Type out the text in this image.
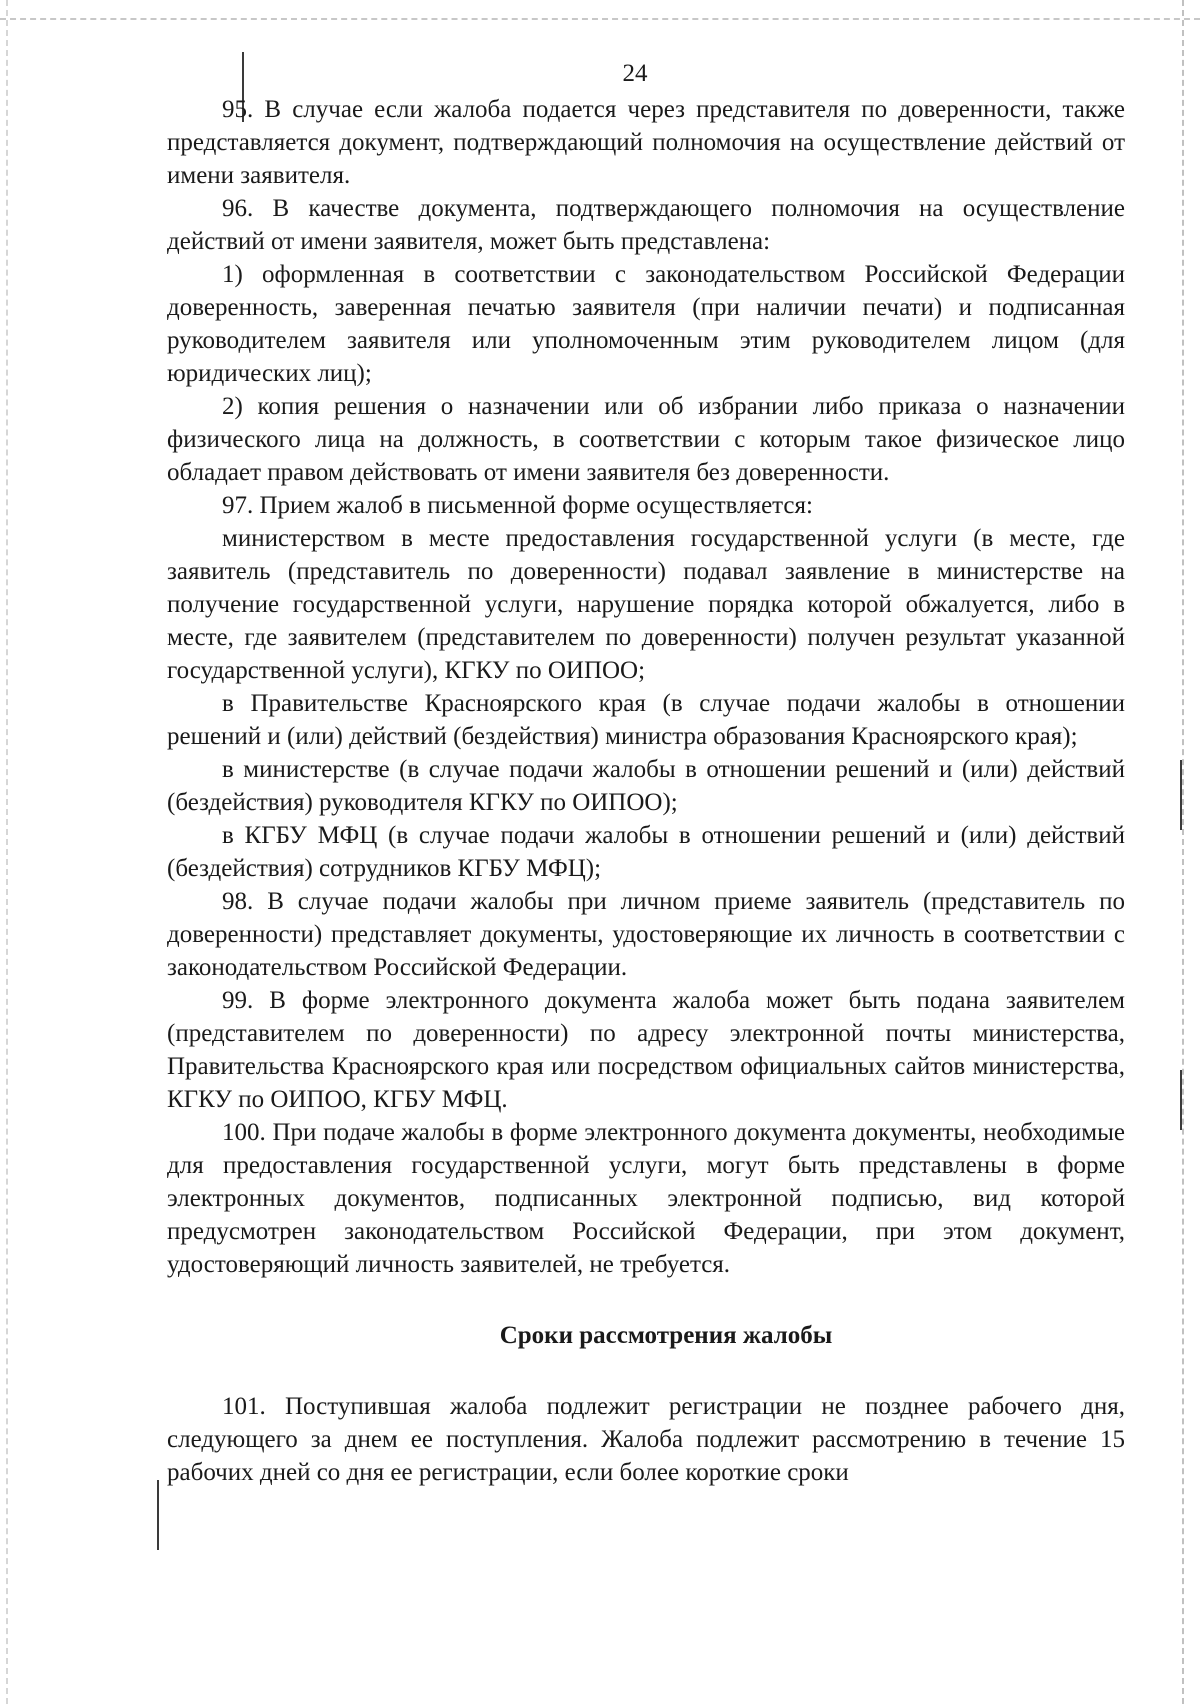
24

95. В случае если жалоба подается через представителя по доверенности, также представляется документ, подтверждающий полномочия на осуществление действий от имени заявителя.

96. В качестве документа, подтверждающего полномочия на осуществление действий от имени заявителя, может быть представлена:

1) оформленная в соответствии с законодательством Российской Федерации доверенность, заверенная печатью заявителя (при наличии печати) и подписанная руководителем заявителя или уполномоченным этим руководителем лицом (для юридических лиц);

2) копия решения о назначении или об избрании либо приказа о назначении физического лица на должность, в соответствии с которым такое физическое лицо обладает правом действовать от имени заявителя без доверенности.

97. Прием жалоб в письменной форме осуществляется:

министерством в месте предоставления государственной услуги (в месте, где заявитель (представитель по доверенности) подавал заявление в министерстве на получение государственной услуги, нарушение порядка которой обжалуется, либо в месте, где заявителем (представителем по доверенности) получен результат указанной государственной услуги), КГКУ по ОИПОО;

в Правительстве Красноярского края (в случае подачи жалобы в отношении решений и (или) действий (бездействия) министра образования Красноярского края);

в министерстве (в случае подачи жалобы в отношении решений и (или) действий (бездействия) руководителя КГКУ по ОИПОО);

в КГБУ МФЦ (в случае подачи жалобы в отношении решений и (или) действий (бездействия) сотрудников КГБУ МФЦ);

98. В случае подачи жалобы при личном приеме заявитель (представитель по доверенности) представляет документы, удостоверяющие их личность в соответствии с законодательством Российской Федерации.

99. В форме электронного документа жалоба может быть подана заявителем (представителем по доверенности) по адресу электронной почты министерства, Правительства Красноярского края или посредством официальных сайтов министерства, КГКУ по ОИПОО, КГБУ МФЦ.

100. При подаче жалобы в форме электронного документа документы, необходимые для предоставления государственной услуги, могут быть представлены в форме электронных документов, подписанных электронной подписью, вид которой предусмотрен законодательством Российской Федерации, при этом документ, удостоверяющий личность заявителей, не требуется.

Сроки рассмотрения жалобы

101. Поступившая жалоба подлежит регистрации не позднее рабочего дня, следующего за днем ее поступления. Жалоба подлежит рассмотрению в течение 15 рабочих дней со дня ее регистрации, если более короткие сроки
